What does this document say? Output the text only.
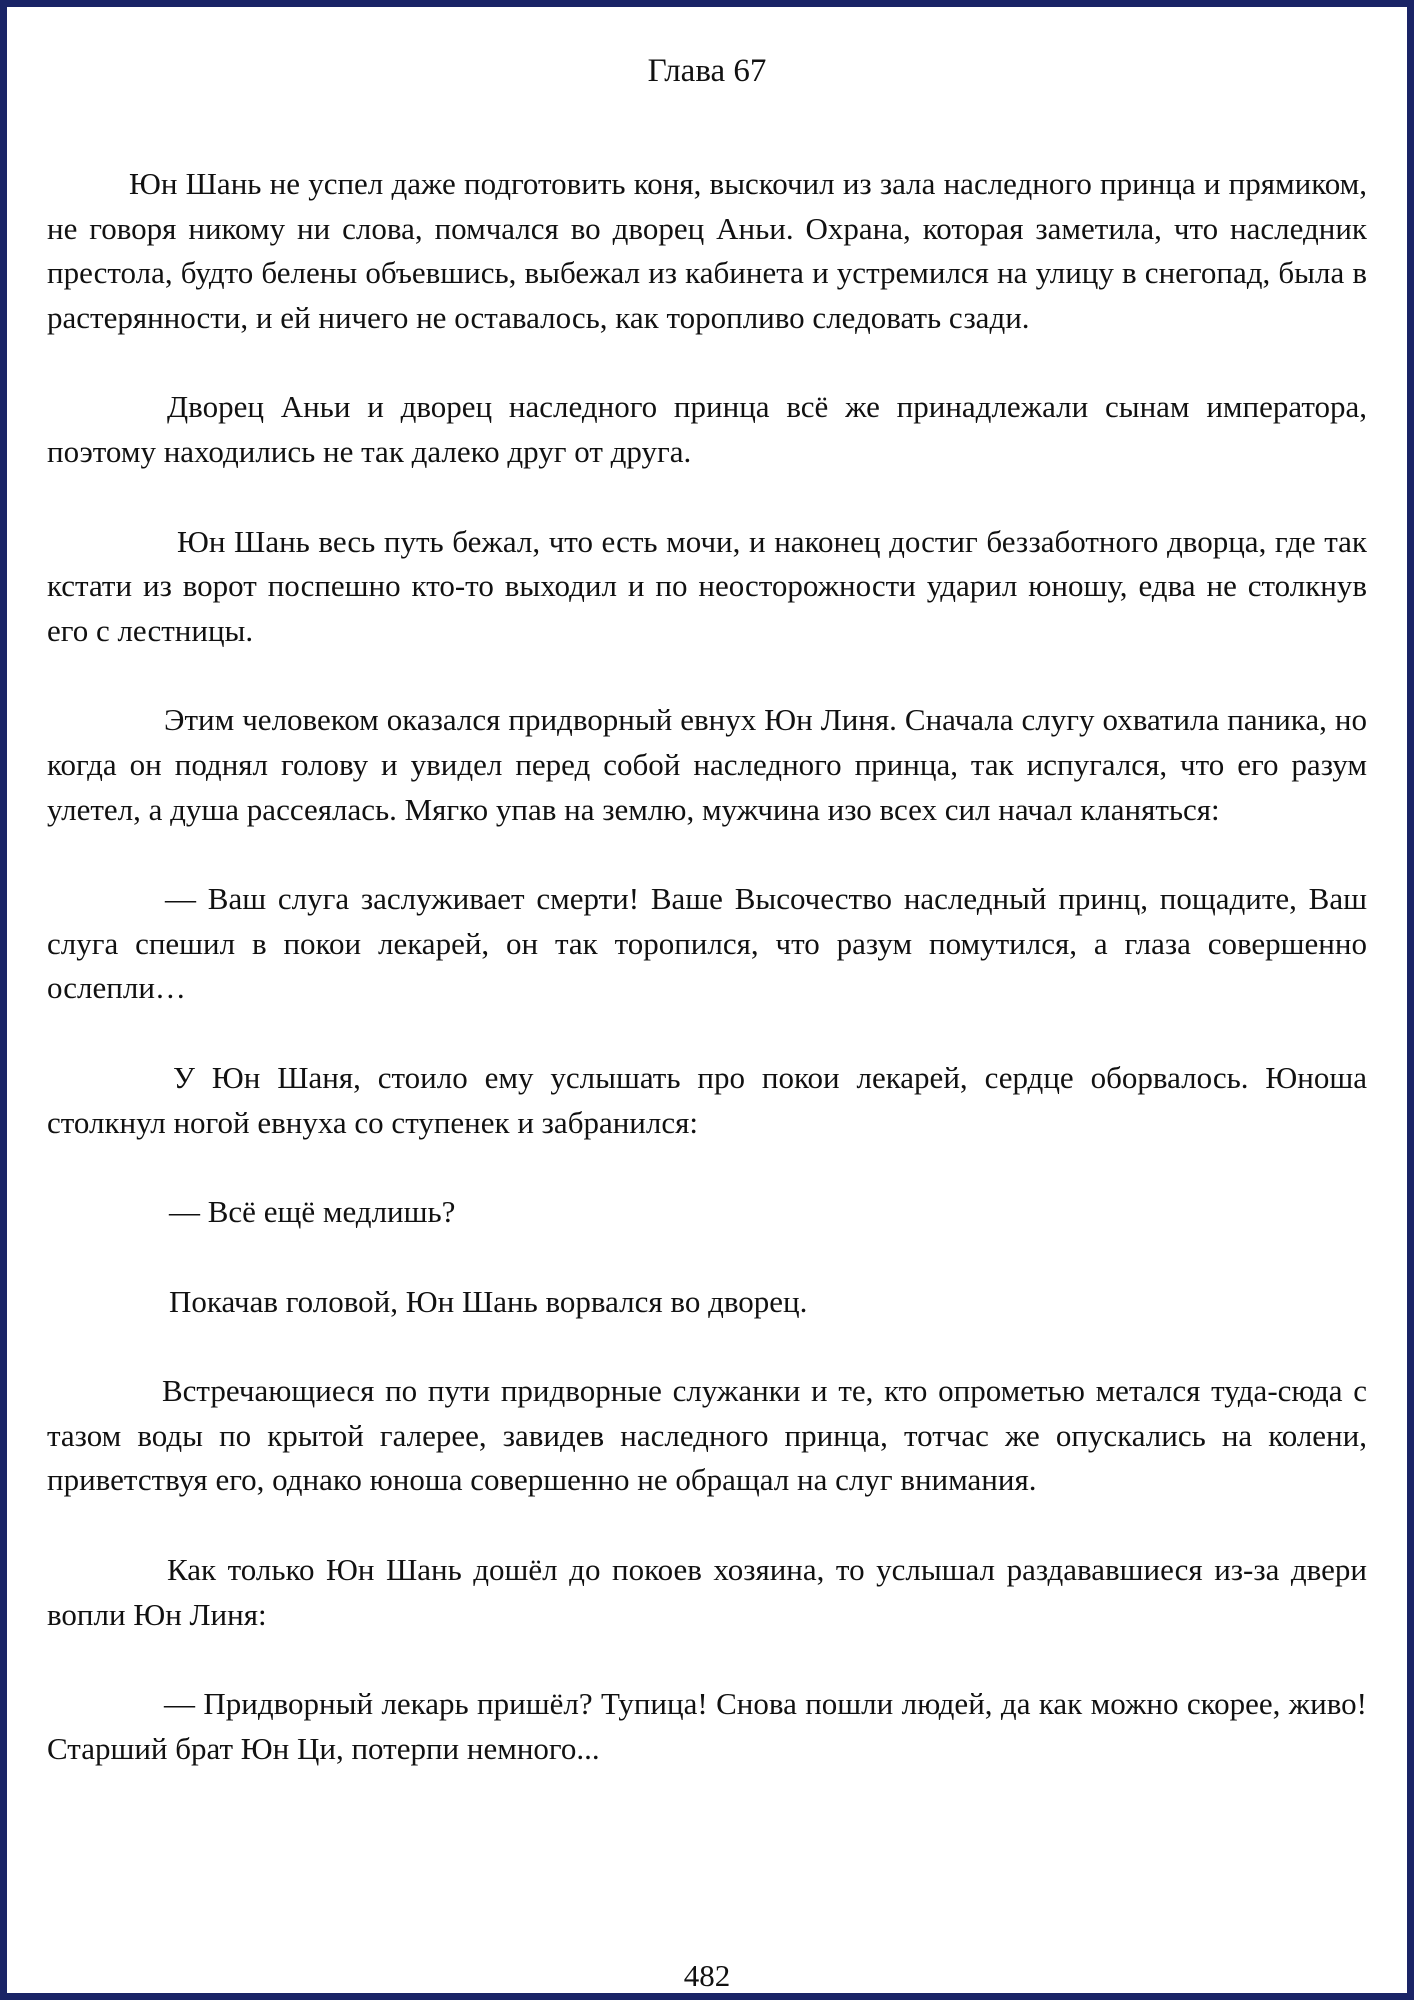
Глава 67

Юн Шань не успел даже подготовить коня, выскочил из зала наследного принца и прямиком, не говоря никому ни слова, помчался во дворец Аньи. Охрана, которая заметила, что наследник престола, будто белены объевшись, выбежал из кабинета и устремился на улицу в снегопад, была в растерянности, и ей ничего не оставалось, как торопливо следовать сзади.

Дворец Аньи и дворец наследного принца всё же принадлежали сынам императора, поэтому находились не так далеко друг от друга.

Юн Шань весь путь бежал, что есть мочи, и наконец достиг беззаботного дворца, где так кстати из ворот поспешно кто-то выходил и по неосторожности ударил юношу, едва не столкнув его с лестницы.

Этим человеком оказался придворный евнух Юн Линя. Сначала слугу охватила паника, но когда он поднял голову и увидел перед собой наследного принца, так испугался, что его разум улетел, а душа рассеялась. Мягко упав на землю, мужчина изо всех сил начал кланяться:

— Ваш слуга заслуживает смерти! Ваше Высочество наследный принц, пощадите, Ваш слуга спешил в покои лекарей, он так торопился, что разум помутился, а глаза совершенно ослепли…

У Юн Шаня, стоило ему услышать про покои лекарей, сердце оборвалось. Юноша столкнул ногой евнуха со ступенек и забранился:

— Всё ещё медлишь?

Покачав головой, Юн Шань ворвался во дворец.

Встречающиеся по пути придворные служанки и те, кто опрометью метался туда-сюда с тазом воды по крытой галерее, завидев наследного принца, тотчас же опускались на колени, приветствуя его, однако юноша совершенно не обращал на слуг внимания.

Как только Юн Шань дошёл до покоев хозяина, то услышал раздававшиеся из-за двери вопли Юн Линя:

— Придворный лекарь пришёл? Тупица! Снова пошли людей, да как можно скорее, живо! Старший брат Юн Ци, потерпи немного...

482
